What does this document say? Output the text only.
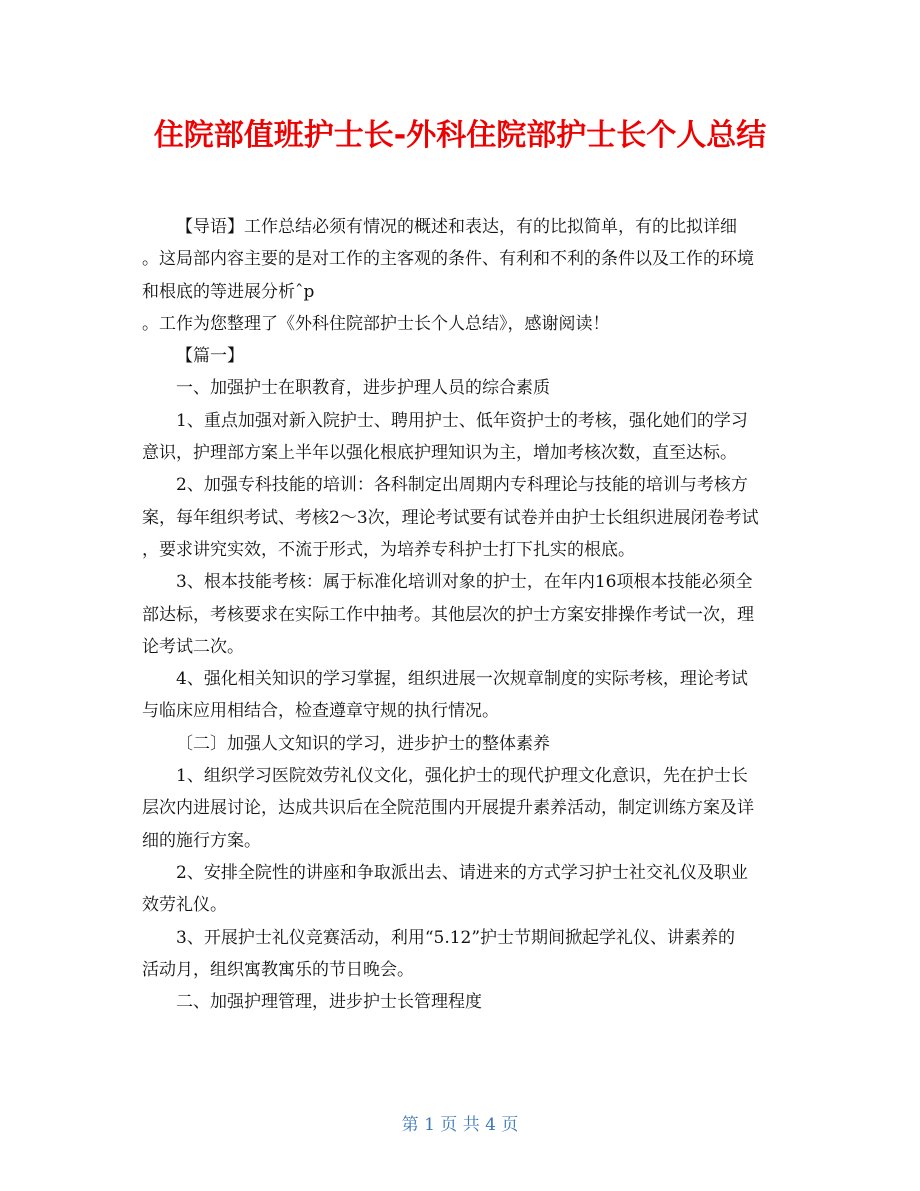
住院部值班护士长-外科住院部护士长个人总结
【导语】工作总结必须有情况的概述和表达，有的比拟简单，有的比拟详细
。这局部内容主要的是对工作的主客观的条件、有利和不利的条件以及工作的环境
和根底的等进展分析ˆp
。工作为您整理了《外科住院部护士长个人总结》，感谢阅读！
【篇一】
一、加强护士在职教育，进步护理人员的综合素质
1、重点加强对新入院护士、聘用护士、低年资护士的考核，强化她们的学习
意识，护理部方案上半年以强化根底护理知识为主，增加考核次数，直至达标。
2、加强专科技能的培训：各科制定出周期内专科理论与技能的培训与考核方
案，每年组织考试、考核2～3次，理论考试要有试卷并由护士长组织进展闭卷考试
，要求讲究实效，不流于形式，为培养专科护士打下扎实的根底。
3、根本技能考核：属于标准化培训对象的护士，在年内16项根本技能必须全
部达标，考核要求在实际工作中抽考。其他层次的护士方案安排操作考试一次，理
论考试二次。
4、强化相关知识的学习掌握，组织进展一次规章制度的实际考核，理论考试
与临床应用相结合，检查遵章守规的执行情况。
〔二〕加强人文知识的学习，进步护士的整体素养
1、组织学习医院效劳礼仪文化，强化护士的现代护理文化意识，先在护士长
层次内进展讨论，达成共识后在全院范围内开展提升素养活动，制定训练方案及详
细的施行方案。
2、安排全院性的讲座和争取派出去、请进来的方式学习护士社交礼仪及职业
效劳礼仪。
3、开展护士礼仪竞赛活动，利用“5.12”护士节期间掀起学礼仪、讲素养的
活动月，组织寓教寓乐的节日晚会。
二、加强护理管理，进步护士长管理程度
第 1 页 共 4 页
